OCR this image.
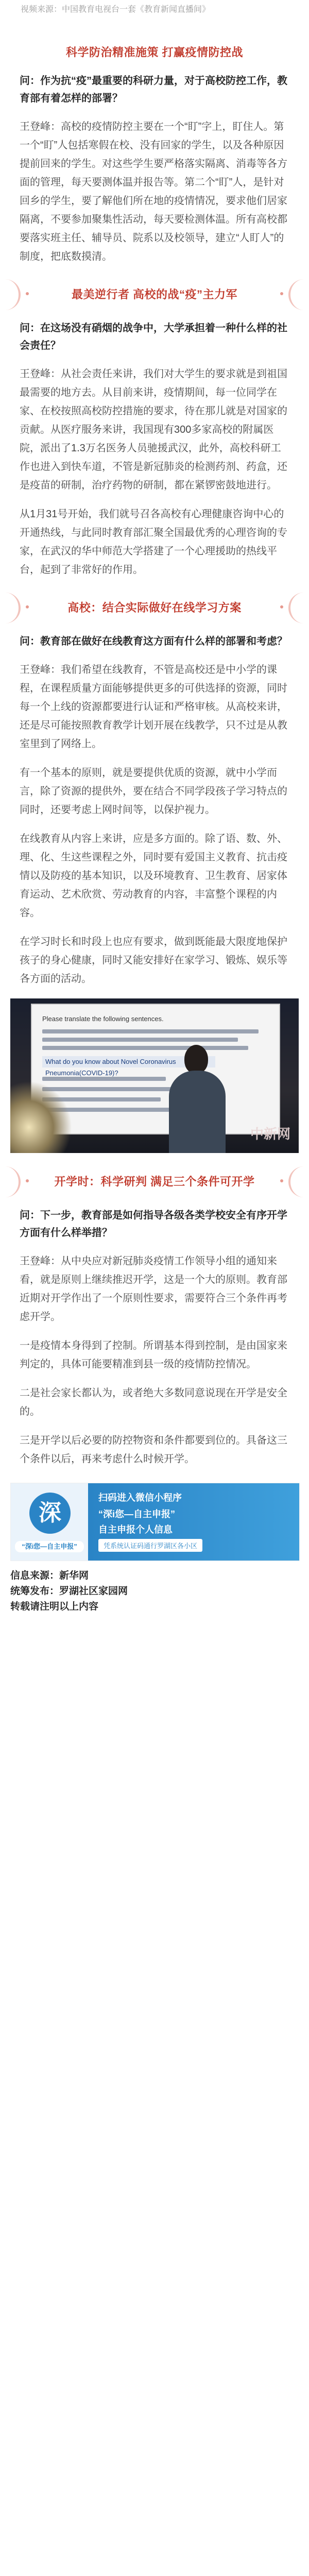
视频来源：中国教育电视台一套《教育新闻直播间》
科学防治精准施策 打赢疫情防控战

问：作为抗“疫”最重要的科研力量，对于高校防控工作，教育部有着怎样的部署？

王登峰：高校的疫情防控主要在一个“盯”字上，盯住人。第一个“盯”人包括寒假在校、没有回家的学生，以及各种原因提前回来的学生。对这些学生要严格落实隔离、消毒等各方面的管理，每天要测体温并报告等。第二个“盯”人，是针对回乡的学生，要了解他们所在地的疫情情况，要求他们居家隔离，不要参加聚集性活动，每天要检测体温。所有高校都要落实班主任、辅导员、院系以及校领导，建立“人盯人”的制度，把底数摸清。

最美逆行者 高校的战“疫”主力军

问：在这场没有硝烟的战争中，大学承担着一种什么样的社会责任？

王登峰：从社会责任来讲，我们对大学生的要求就是到祖国最需要的地方去。从目前来讲，疫情期间，每一位同学在家、在校按照高校防控措施的要求，待在那儿就是对国家的贡献。从医疗服务来讲，我国现有300多家高校的附属医院，派出了1.3万名医务人员驰援武汉，此外，高校科研工作也进入到快车道，不管是新冠肺炎的检测药剂、药盒，还是疫苗的研制，治疗药物的研制，都在紧锣密鼓地进行。

从1月31号开始，我们就号召各高校有心理健康咨询中心的开通热线，与此同时教育部汇聚全国最优秀的心理咨询的专家，在武汉的华中师范大学搭建了一个心理援助的热线平台，起到了非常好的作用。

高校：结合实际做好在线学习方案

问：教育部在做好在线教育这方面有什么样的部署和考虑？

王登峰：我们希望在线教育，不管是高校还是中小学的课程，在课程质量方面能够提供更多的可供选择的资源，同时每一个上线的资源都要进行认证和严格审核。从高校来讲，还是尽可能按照教育教学计划开展在线教学，只不过是从教室里到了网络上。

有一个基本的原则，就是要提供优质的资源，就中小学而言，除了资源的提供外，要在结合不同学段孩子学习特点的同时，还要考虑上网时间等，以保护视力。

在线教育从内容上来讲，应是多方面的。除了语、数、外、理、化、生这些课程之外，同时要有爱国主义教育、抗击疫情以及防疫的基本知识，以及环境教育、卫生教育、居家体育运动、艺术欣赏、劳动教育的内容，丰富整个课程的内容。

在学习时长和时段上也应有要求，做到既能最大限度地保护孩子的身心健康，同时又能安排好在家学习、锻炼、娱乐等各方面的活动。

Please translate the following sentences.
What do you know about Novel Coronavirus Pneumonia(COVID-19)?
中新网
开学时：科学研判 满足三个条件可开学

问：下一步，教育部是如何指导各级各类学校安全有序开学方面有什么样举措？

王登峰：从中央应对新冠肺炎疫情工作领导小组的通知来看，就是原则上继续推迟开学，这是一个大的原则。教育部近期对开学作出了一个原则性要求，需要符合三个条件再考虑开学。

一是疫情本身得到了控制。所谓基本得到控制，是由国家来判定的，具体可能要精准到县一级的疫情防控情况。

二是社会家长都认为，或者绝大多数同意说现在开学是安全的。

三是开学以后必要的防控物资和条件都要到位的。具备这三个条件以后，再来考虑什么时候开学。

深
“深i您—自主申报”
扫码进入微信小程序
“深i您—自主申报”
自主申报个人信息
凭系统认证码通行罗湖区各小区

信息来源：新华网

统筹发布：罗湖社区家园网

转载请注明以上内容
